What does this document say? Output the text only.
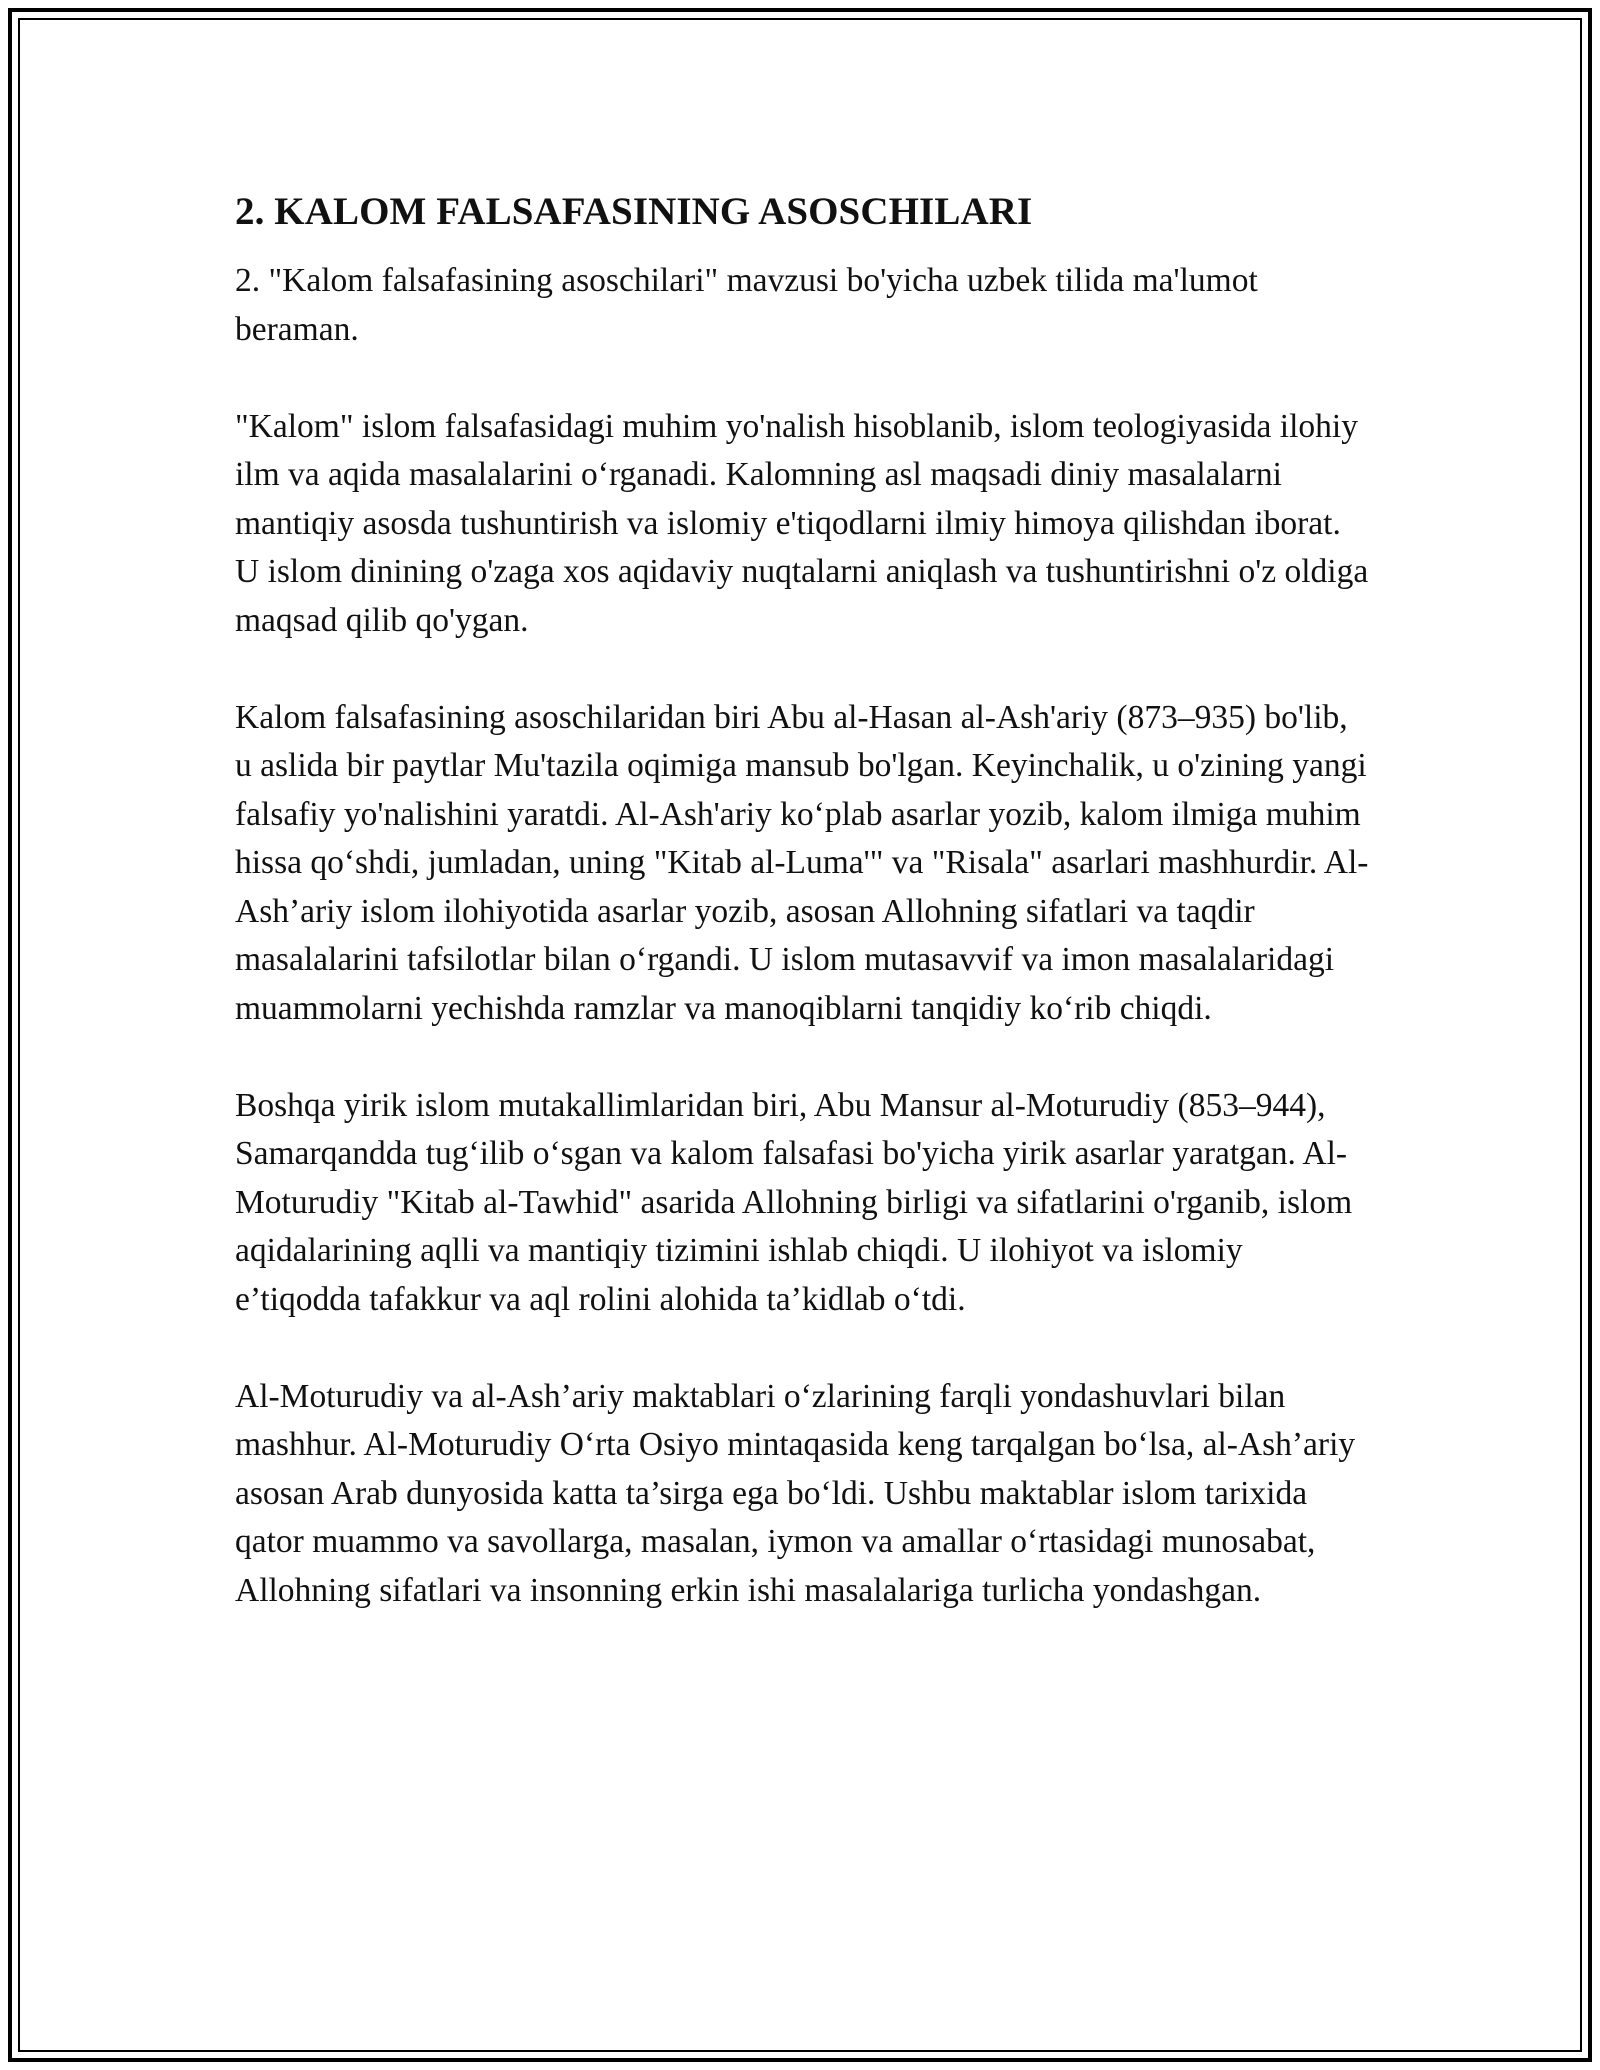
2. KALOM FALSAFASINING ASOSCHILARI

2. "Kalom falsafasining asoschilari" mavzusi bo'yicha uzbek tilida ma'lumot beraman.

"Kalom" islom falsafasidagi muhim yo'nalish hisoblanib, islom teologiyasida ilohiy ilm va aqida masalalarini o‘rganadi. Kalomning asl maqsadi diniy masalalarni mantiqiy asosda tushuntirish va islomiy e'tiqodlarni ilmiy himoya qilishdan iborat. U islom dinining o'zaga xos aqidaviy nuqtalarni aniqlash va tushuntirishni o'z oldiga maqsad qilib qo'ygan.

Kalom falsafasining asoschilaridan biri Abu al-Hasan al-Ash'ariy (873–935) bo'lib, u aslida bir paytlar Mu'tazila oqimiga mansub bo'lgan. Keyinchalik, u o'zining yangi falsafiy yo'nalishini yaratdi. Al-Ash'ariy ko‘plab asarlar yozib, kalom ilmiga muhim hissa qo‘shdi, jumladan, uning "Kitab al-Luma'" va "Risala" asarlari mashhurdir. Al-Ash’ariy islom ilohiyotida asarlar yozib, asosan Allohning sifatlari va taqdir masalalarini tafsilotlar bilan o‘rgandi. U islom mutasavvif va imon masalalaridagi muammolarni yechishda ramzlar va manoqiblarni tanqidiy ko‘rib chiqdi.

Boshqa yirik islom mutakallimlaridan biri, Abu Mansur al-Moturudiy (853–944), Samarqandda tug‘ilib o‘sgan va kalom falsafasi bo'yicha yirik asarlar yaratgan. Al-Moturudiy "Kitab al-Tawhid" asarida Allohning birligi va sifatlarini o'rganib, islom aqidalarining aqlli va mantiqiy tizimini ishlab chiqdi. U ilohiyot va islomiy e’tiqodda tafakkur va aql rolini alohida ta’kidlab o‘tdi.

Al-Moturudiy va al-Ash’ariy maktablari o‘zlarining farqli yondashuvlari bilan mashhur. Al-Moturudiy O‘rta Osiyo mintaqasida keng tarqalgan bo‘lsa, al-Ash’ariy asosan Arab dunyosida katta ta’sirga ega bo‘ldi. Ushbu maktablar islom tarixida qator muammo va savollarga, masalan, iymon va amallar o‘rtasidagi munosabat, Allohning sifatlari va insonning erkin ishi masalalariga turlicha yondashgan.
